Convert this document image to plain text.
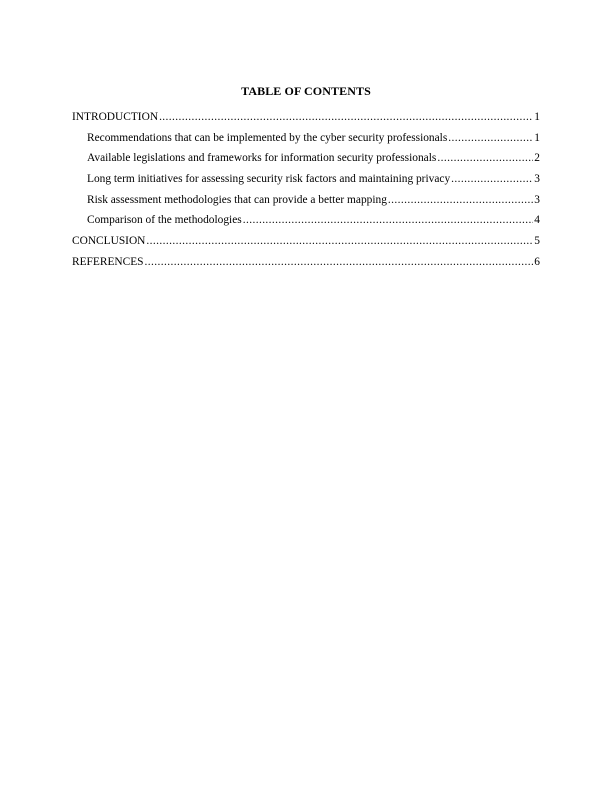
TABLE OF CONTENTS
INTRODUCTION .....	1
Recommendations that can be implemented by the cyber security professionals .....	1
Available legislations and frameworks for information security professionals .....	2
Long term initiatives for assessing security risk factors and maintaining privacy .....	3
Risk assessment methodologies that can provide a better mapping .....	3
Comparison of the methodologies .....	4
CONCLUSION .....	5
REFERENCES .....	6
